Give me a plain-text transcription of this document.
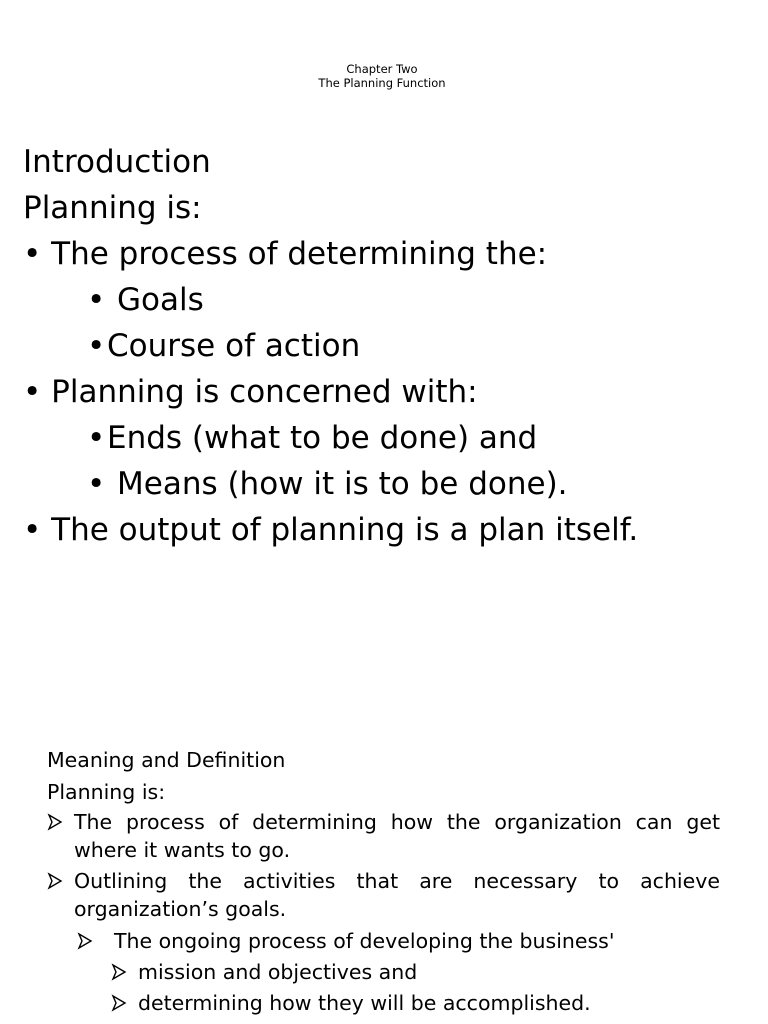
Chapter Two
The Planning Function
Introduction
Planning is:
• The process of determining the:
• Goals
•Course of action
• Planning is concerned with:
•Ends (what to be done) and
• Means (how it is to be done).
• The output of planning is a plan itself.
Meaning and Definition
Planning is:
The process of determining how the organization can get where it wants to go.
Outlining the activities that are necessary to achieve organization’s goals.
The ongoing process of developing the business'
mission and objectives and
determining how they will be accomplished.
